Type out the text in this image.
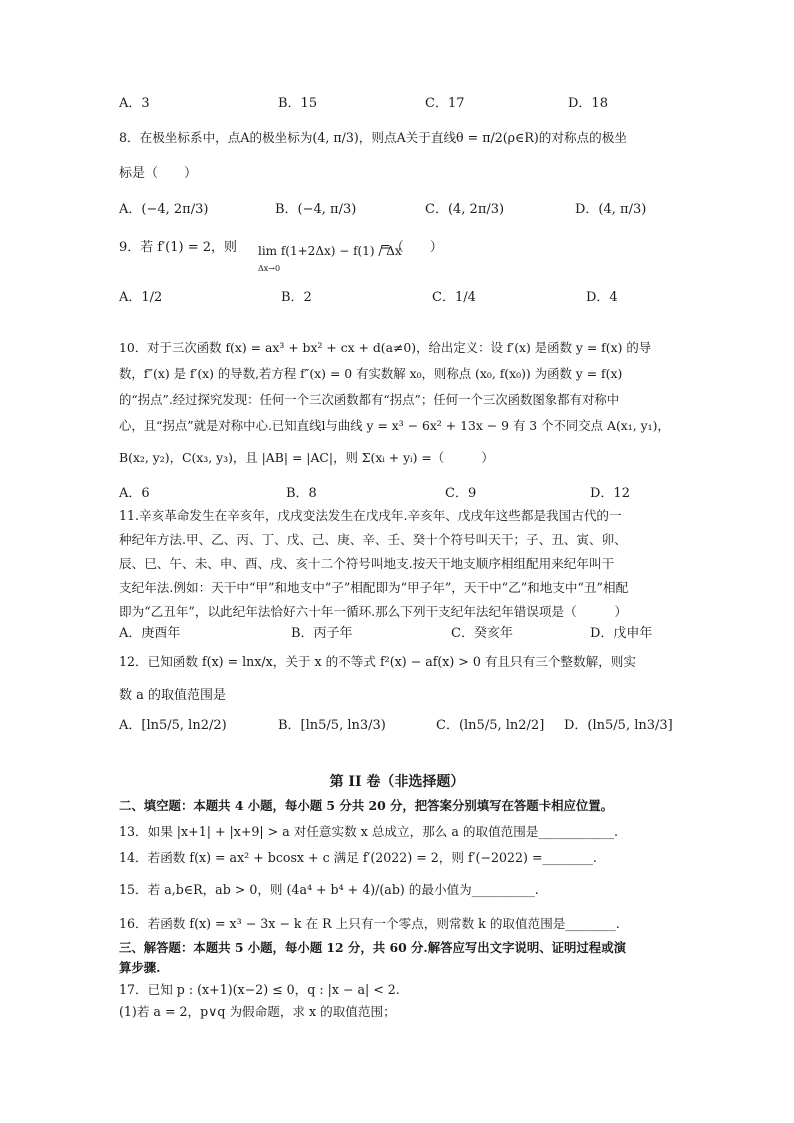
A．3	B．15	C．17	D．18
8．在极坐标系中，点A的极坐标为(4, π/3)，则点A关于直线θ = π/2(ρ∈R)的对称点的极坐
标是（　　）
A．(−4, 2π/3)	B．(−4, π/3)	C．(4, 2π/3)	D．(4, π/3)
9．若 f′(1) = 2，则 lim f(1+2Δx) − f(1) / Δx
Δx→0
=（　　）
A．1/2	B．2	C．1/4	D．4
10．对于三次函数 f(x) = ax³ + bx² + cx + d(a≠0)，给出定义：设 f′(x) 是函数 y = f(x) 的导
数，f″(x) 是 f′(x) 的导数,若方程 f″(x) = 0 有实数解 x₀，则称点 (x₀, f(x₀)) 为函数 y = f(x)
的“拐点”.经过探究发现：任何一个三次函数都有“拐点”；任何一个三次函数图象都有对称中
心，且“拐点”就是对称中心.已知直线l与曲线 y = x³ − 6x² + 13x − 9 有 3 个不同交点 A(x₁, y₁)，
B(x₂, y₂)，C(x₃, y₃)，且 |AB| = |AC|，则 Σ(xᵢ + yᵢ) =（　　　）
A．6	B．8	C．9	D．12
11.辛亥革命发生在辛亥年，戊戌变法发生在戊戌年.辛亥年、戊戌年这些都是我国古代的一
种纪年方法.甲、乙、丙、丁、戊、己、庚、辛、壬、癸十个符号叫天干；子、丑、寅、卯、
辰、巳、午、未、申、酉、戌、亥十二个符号叫地支.按天干地支顺序相组配用来纪年叫干
支纪年法.例如：天干中“甲”和地支中“子”相配即为“甲子年”，天干中“乙”和地支中“丑”相配
即为“乙丑年”，以此纪年法恰好六十年一循环.那么下列干支纪年法纪年错误项是（　　　）
A．庚酉年	B．丙子年	C．癸亥年	D．戊申年
12．已知函数 f(x) = lnx/x，关于 x 的不等式 f²(x) − af(x) > 0 有且只有三个整数解，则实
数 a 的取值范围是
A．[ln5/5, ln2/2)	B．[ln5/5, ln3/3)	C．(ln5/5, ln2/2] D．(ln5/5, ln3/3]
第 II 卷（非选择题）
二、填空题：本题共 4 小题，每小题 5 分共 20 分，把答案分别填写在答题卡相应位置。
13．如果 |x+1| + |x+9| > a 对任意实数 x 总成立，那么 a 的取值范围是____________.
14．若函数 f(x) = ax² + bcosx + c 满足 f′(2022) = 2，则 f′(−2022) =________.
15．若 a,b∈R，ab > 0，则 (4a⁴ + b⁴ + 4)/(ab) 的最小值为__________.
16．若函数 f(x) = x³ − 3x − k 在 R 上只有一个零点，则常数 k 的取值范围是________.
三、解答题：本题共 5 小题，每小题 12 分，共 60 分.解答应写出文字说明、证明过程或演
算步骤.
17．已知 p : (x+1)(x−2) ≤ 0，q : |x − a| < 2.
(1)若 a = 2，p∨q 为假命题，求 x 的取值范围；
